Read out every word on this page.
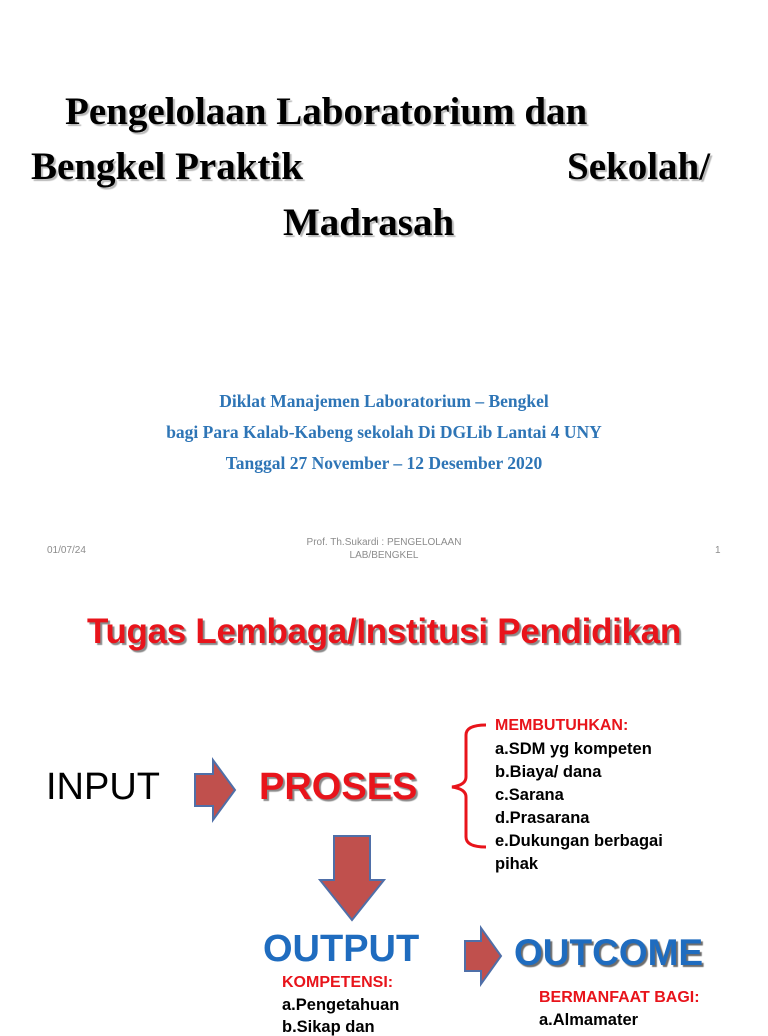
Pengelolaan Laboratorium dan
Bengkel Praktik	Sekolah/
Madrasah
Diklat Manajemen Laboratorium – Bengkel
bagi Para Kalab-Kabeng sekolah Di DGLib Lantai 4 UNY
Tanggal 27 November – 12 Desember 2020
01/07/24
Prof. Th.Sukardi : PENGELOLAAN
LAB/BENGKEL	1
Tugas Lembaga/Institusi Pendidikan
INPUT	PROSES
MEMBUTUHKAN:
a.SDM yg kompeten
b.Biaya/ dana
c.Sarana
d.Prasarana
e.Dukungan berbagai
pihak
OUTPUT	OUTCOME
KOMPETENSI:
a.Pengetahuan
b.Sikap dan
BERMANFAAT BAGI:
a.Almamater
